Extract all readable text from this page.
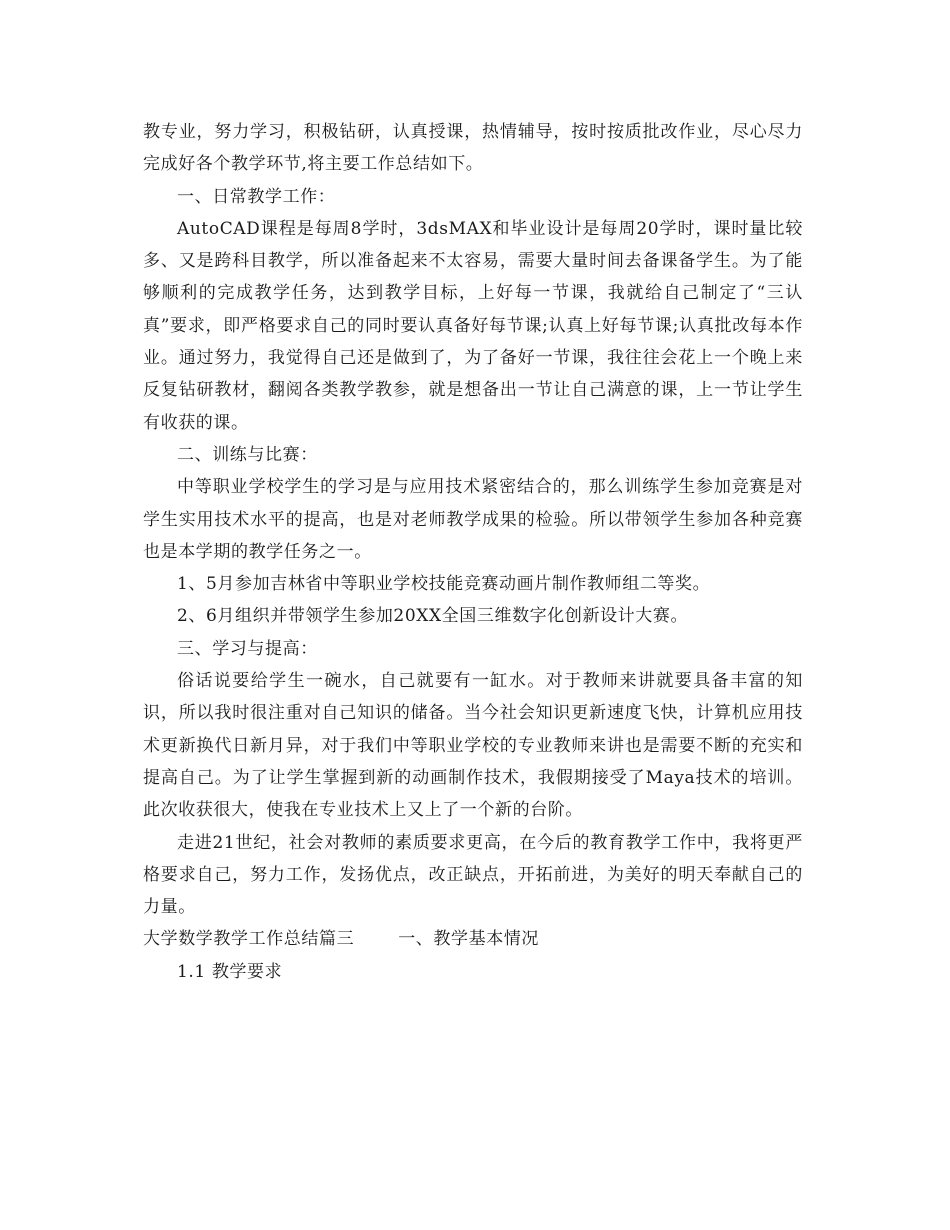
教专业，努力学习，积极钻研，认真授课，热情辅导，按时按质批改作业，尽心尽力完成好各个教学环节,将主要工作总结如下。

一、日常教学工作：

AutoCAD课程是每周8学时，3dsMAX和毕业设计是每周20学时，课时量比较多、又是跨科目教学，所以准备起来不太容易，需要大量时间去备课备学生。为了能够顺利的完成教学任务，达到教学目标，上好每一节课，我就给自己制定了“三认真”要求，即严格要求自己的同时要认真备好每节课;认真上好每节课;认真批改每本作业。通过努力，我觉得自己还是做到了，为了备好一节课，我往往会花上一个晚上来反复钻研教材，翻阅各类教学教参，就是想备出一节让自己满意的课，上一节让学生有收获的课。

二、训练与比赛：

中等职业学校学生的学习是与应用技术紧密结合的，那么训练学生参加竞赛是对学生实用技术水平的提高，也是对老师教学成果的检验。所以带领学生参加各种竞赛也是本学期的教学任务之一。

1、5月参加吉林省中等职业学校技能竞赛动画片制作教师组二等奖。

2、6月组织并带领学生参加20XX全国三维数字化创新设计大赛。

三、学习与提高：

俗话说要给学生一碗水，自己就要有一缸水。对于教师来讲就要具备丰富的知识，所以我时很注重对自己知识的储备。当今社会知识更新速度飞快，计算机应用技术更新换代日新月异，对于我们中等职业学校的专业教师来讲也是需要不断的充实和提高自己。为了让学生掌握到新的动画制作技术，我假期接受了Maya技术的培训。此次收获很大，使我在专业技术上又上了一个新的台阶。

走进21世纪，社会对教师的素质要求更高，在今后的教育教学工作中，我将更严格要求自己，努力工作，发扬优点，改正缺点，开拓前进，为美好的明天奉献自己的力量。

大学数学教学工作总结篇三	一、教学基本情况

1.1 教学要求
